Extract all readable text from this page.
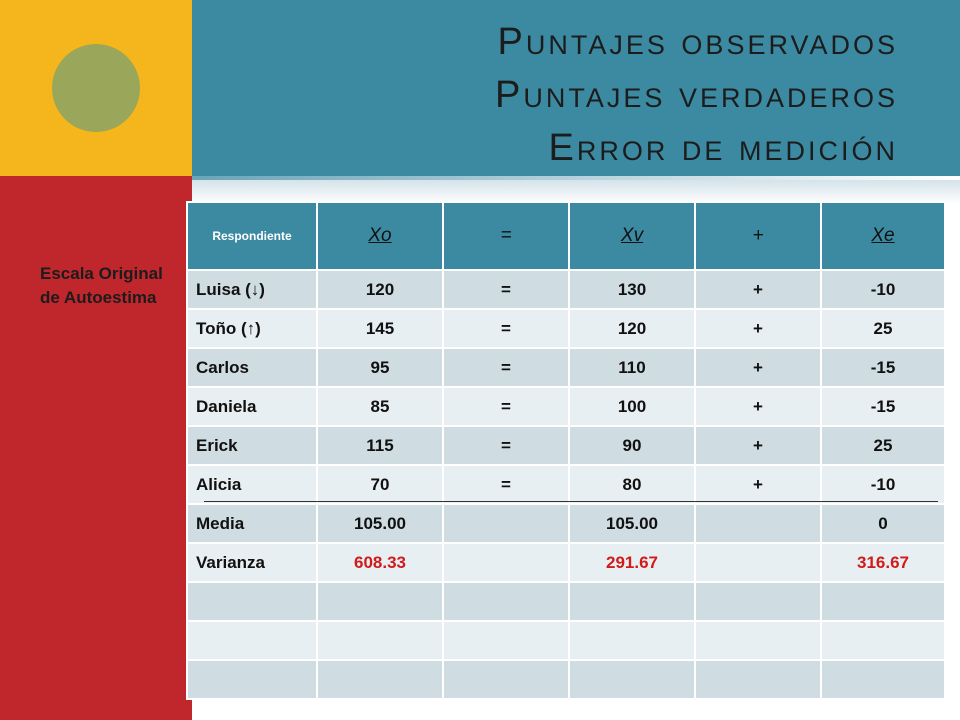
Puntajes observados
Puntajes verdaderos
Error de medición
Escala Original de Autoestima
Respondiente	Xo	=	Xv	+	Xe
Luisa (↓)	120	=	130	+	-10
Toño (↑)	145	=	120	+	25
Carlos	95	=	110	+	-15
Daniela	85	=	100	+	-15
Erick	115	=	90	+	25
Alicia	70	=	80	+	-10
Media	105.00		105.00		0
Varianza	608.33		291.67		316.67
